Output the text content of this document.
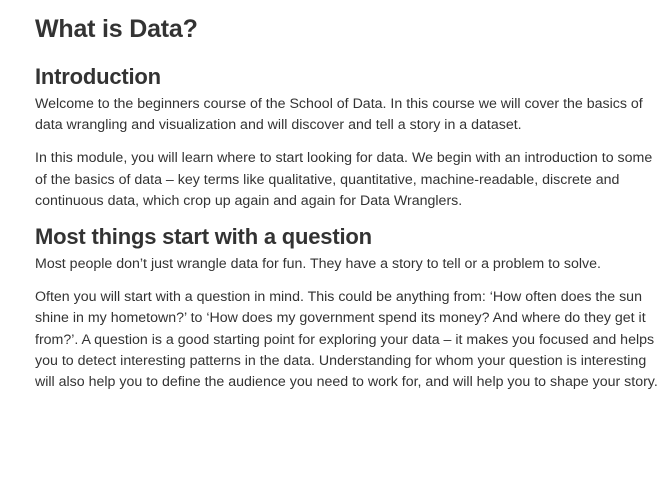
What is Data?
Introduction

Welcome to the beginners course of the School of Data. In this course we will cover the basics of data wrangling and visualization and will discover and tell a story in a dataset.

In this module, you will learn where to start looking for data. We begin with an introduction to some of the basics of data – key terms like qualitative, quantitative, machine-readable, discrete and continuous data, which crop up again and again for Data Wranglers.

Most things start with a question

Most people don’t just wrangle data for fun. They have a story to tell or a problem to solve.

Often you will start with a question in mind. This could be anything from: ‘How often does the sun shine in my hometown?’ to ‘How does my government spend its money? And where do they get it from?’. A question is a good starting point for exploring your data – it makes you focused and helps you to detect interesting patterns in the data. Understanding for whom your question is interesting will also help you to define the audience you need to work for, and will help you to shape your story.
